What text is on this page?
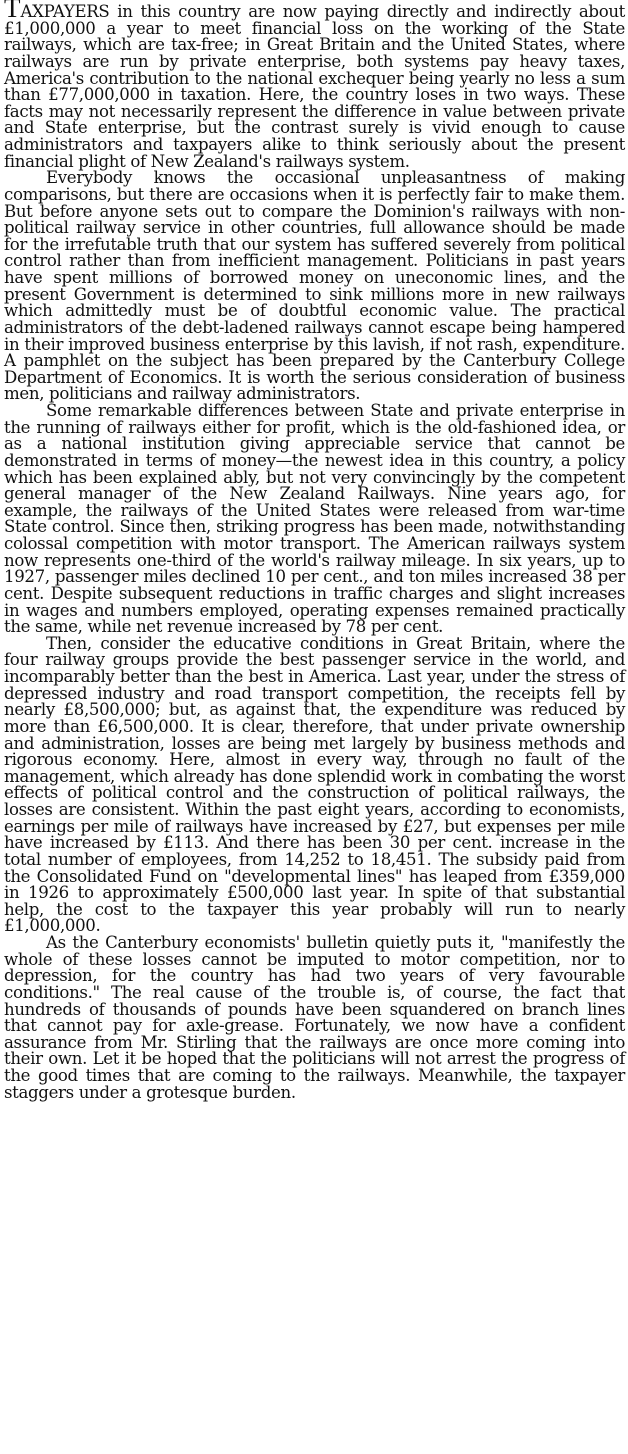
TAXPAYERS in this country are now paying directly and indirectly about £1,000,000 a year to meet financial loss on the working of the State railways, which are tax-free; in Great Britain and the United States, where railways are run by private enterprise, both systems pay heavy taxes, America's contribution to the national exchequer being yearly no less a sum than £77,000,000 in taxation. Here, the country loses in two ways. These facts may not necessarily represent the difference in value between private and State enterprise, but the contrast surely is vivid enough to cause administrators and taxpayers alike to think seriously about the present financial plight of New Zealand's railways system.

Everybody knows the occasional unpleasantness of making comparisons, but there are occasions when it is perfectly fair to make them. But before anyone sets out to compare the Dominion's railways with non-political railway service in other countries, full allowance should be made for the irrefutable truth that our system has suffered severely from political control rather than from inefficient management. Politicians in past years have spent millions of borrowed money on uneconomic lines, and the present Government is determined to sink millions more in new railways which admittedly must be of doubtful economic value. The practical administrators of the debt-ladened railways cannot escape being hampered in their improved business enterprise by this lavish, if not rash, expenditure. A pamphlet on the subject has been prepared by the Canterbury College Department of Economics. It is worth the serious consideration of business men, politicians and railway administrators.

Some remarkable differences between State and private enterprise in the running of railways either for profit, which is the old-fashioned idea, or as a national institution giving appreciable service that cannot be demonstrated in terms of money—the newest idea in this country, a policy which has been explained ably, but not very convincingly by the competent general manager of the New Zealand Railways. Nine years ago, for example, the railways of the United States were released from war-time State control. Since then, striking progress has been made, notwithstanding colossal competition with motor transport. The American railways system now represents one-third of the world's railway mileage. In six years, up to 1927, passenger miles declined 10 per cent., and ton miles increased 38 per cent. Despite subsequent reductions in traffic charges and slight increases in wages and numbers employed, operating expenses remained practically the same, while net revenue increased by 78 per cent.

Then, consider the educative conditions in Great Britain, where the four railway groups provide the best passenger service in the world, and incomparably better than the best in America. Last year, under the stress of depressed industry and road transport competition, the receipts fell by nearly £8,500,000; but, as against that, the expenditure was reduced by more than £6,500,000. It is clear, therefore, that under private ownership and administration, losses are being met largely by business methods and rigorous economy. Here, almost in every way, through no fault of the management, which already has done splendid work in combating the worst effects of political control and the construction of political railways, the losses are consistent. Within the past eight years, according to economists, earnings per mile of railways have increased by £27, but expenses per mile have increased by £113. And there has been 30 per cent. increase in the total number of employees, from 14,252 to 18,451. The subsidy paid from the Consolidated Fund on "developmental lines" has leaped from £359,000 in 1926 to approximately £500,000 last year. In spite of that substantial help, the cost to the taxpayer this year probably will run to nearly £1,000,000.

As the Canterbury economists' bulletin quietly puts it, "manifestly the whole of these losses cannot be imputed to motor competition, nor to depression, for the country has had two years of very favourable conditions." The real cause of the trouble is, of course, the fact that hundreds of thousands of pounds have been squandered on branch lines that cannot pay for axle-grease. Fortunately, we now have a confident assurance from Mr. Stirling that the railways are once more coming into their own. Let it be hoped that the politicians will not arrest the progress of the good times that are coming to the railways. Meanwhile, the taxpayer staggers under a grotesque burden.
